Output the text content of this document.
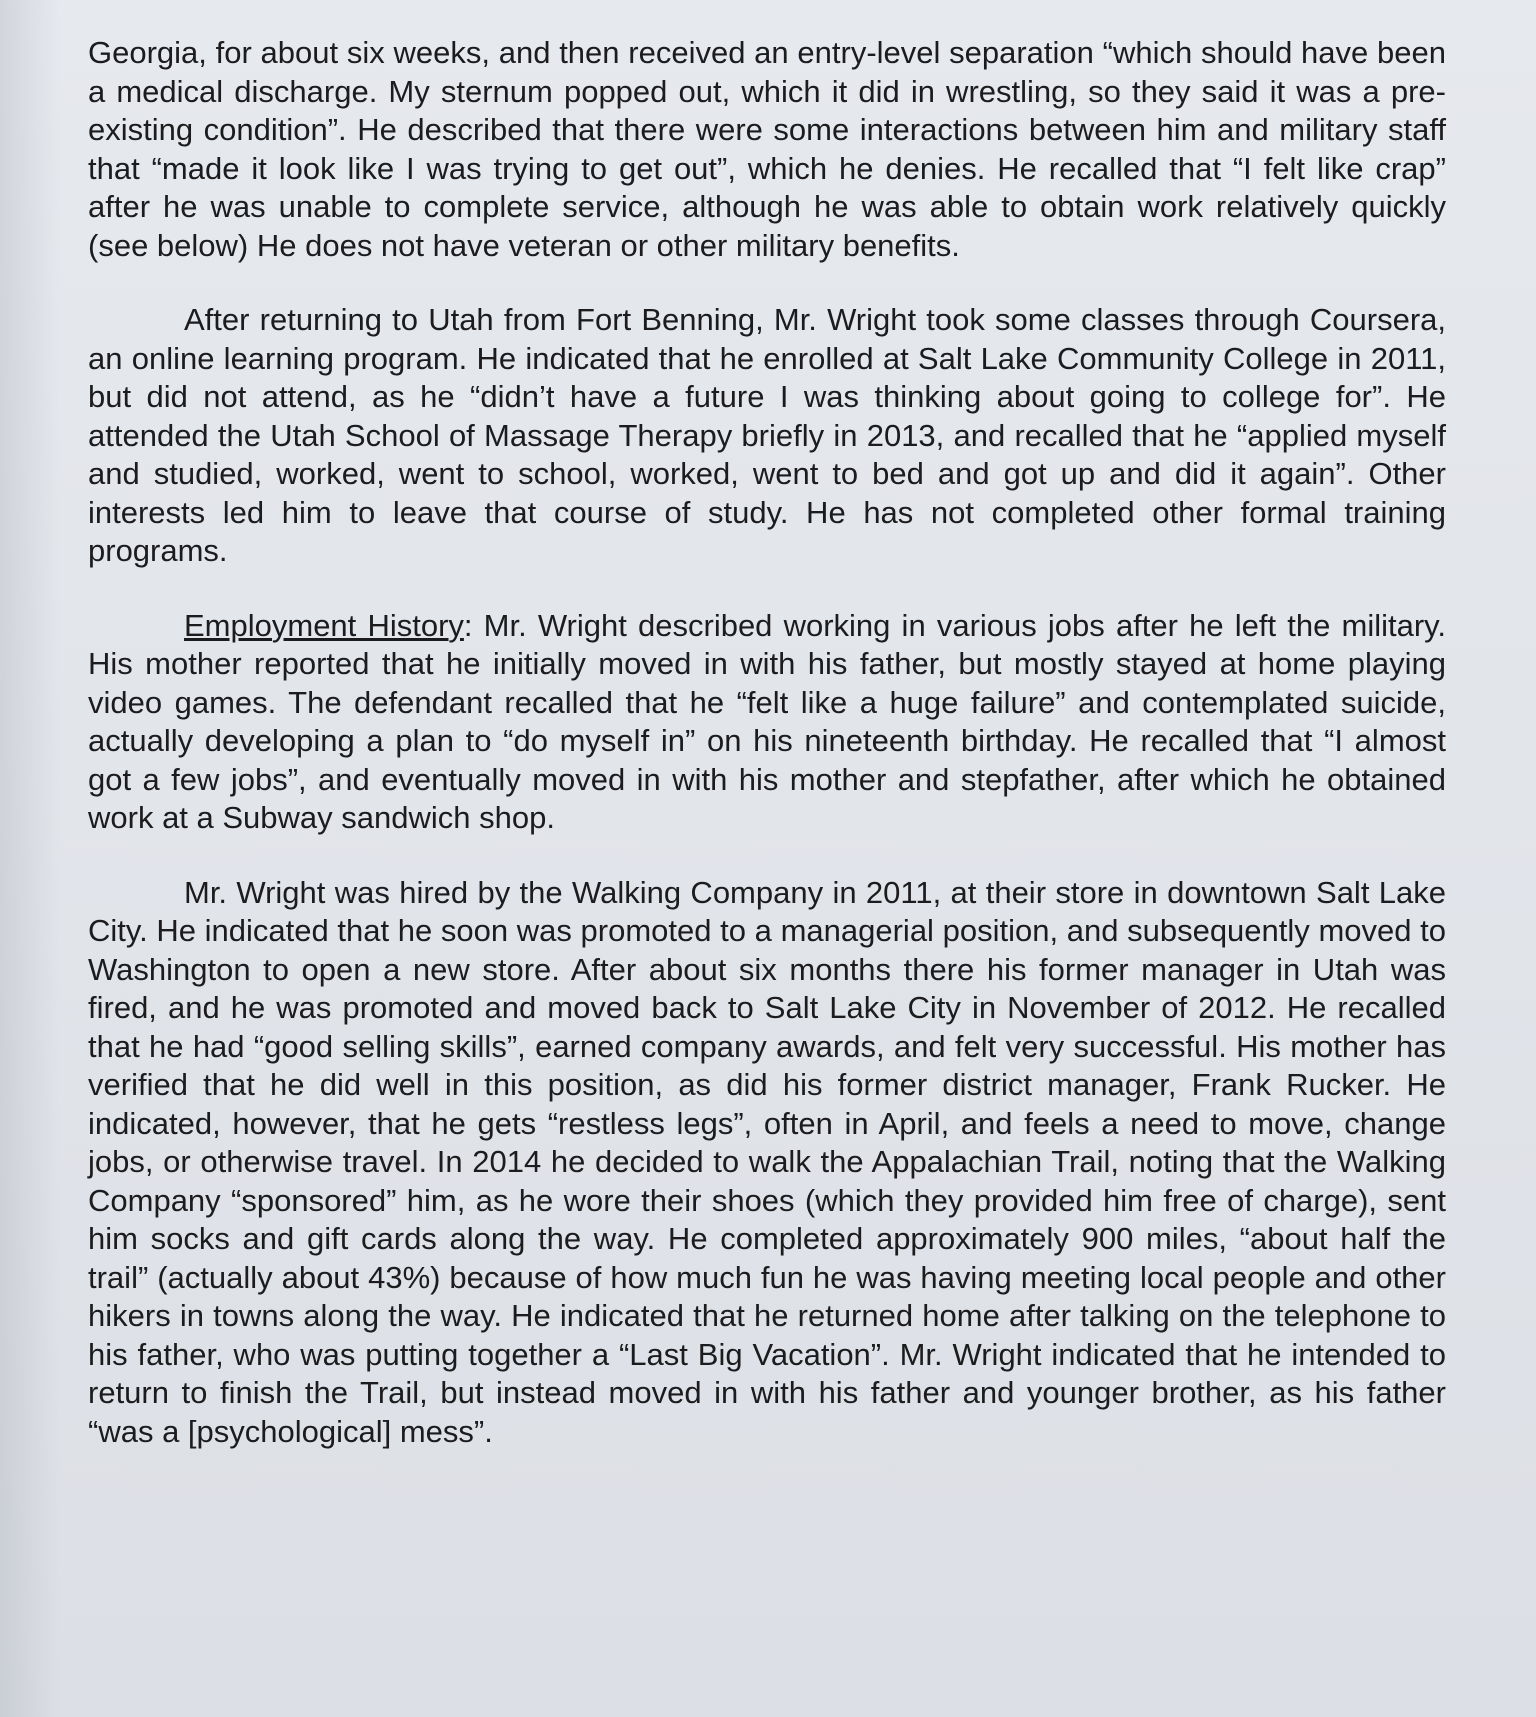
Georgia, for about six weeks, and then received an entry-level separation “which should have been a medical discharge. My sternum popped out, which it did in wrestling, so they said it was a pre-existing condition”. He described that there were some interactions between him and military staff that “made it look like I was trying to get out”, which he denies. He recalled that “I felt like crap” after he was unable to complete service, although he was able to obtain work relatively quickly (see below) He does not have veteran or other military benefits.

After returning to Utah from Fort Benning, Mr. Wright took some classes through Coursera, an online learning program. He indicated that he enrolled at Salt Lake Community College in 2011, but did not attend, as he “didn’t have a future I was thinking about going to college for”. He attended the Utah School of Massage Therapy briefly in 2013, and recalled that he “applied myself and studied, worked, went to school, worked, went to bed and got up and did it again”. Other interests led him to leave that course of study. He has not completed other formal training programs.

Employment History: Mr. Wright described working in various jobs after he left the military. His mother reported that he initially moved in with his father, but mostly stayed at home playing video games. The defendant recalled that he “felt like a huge failure” and contemplated suicide, actually developing a plan to “do myself in” on his nineteenth birthday. He recalled that “I almost got a few jobs”, and eventually moved in with his mother and stepfather, after which he obtained work at a Subway sandwich shop.

Mr. Wright was hired by the Walking Company in 2011, at their store in downtown Salt Lake City. He indicated that he soon was promoted to a managerial position, and subsequently moved to Washington to open a new store. After about six months there his former manager in Utah was fired, and he was promoted and moved back to Salt Lake City in November of 2012. He recalled that he had “good selling skills”, earned company awards, and felt very successful. His mother has verified that he did well in this position, as did his former district manager, Frank Rucker. He indicated, however, that he gets “restless legs”, often in April, and feels a need to move, change jobs, or otherwise travel. In 2014 he decided to walk the Appalachian Trail, noting that the Walking Company “sponsored” him, as he wore their shoes (which they provided him free of charge), sent him socks and gift cards along the way. He completed approximately 900 miles, “about half the trail” (actually about 43%) because of how much fun he was having meeting local people and other hikers in towns along the way. He indicated that he returned home after talking on the telephone to his father, who was putting together a “Last Big Vacation”. Mr. Wright indicated that he intended to return to finish the Trail, but instead moved in with his father and younger brother, as his father “was a [psychological] mess”.
